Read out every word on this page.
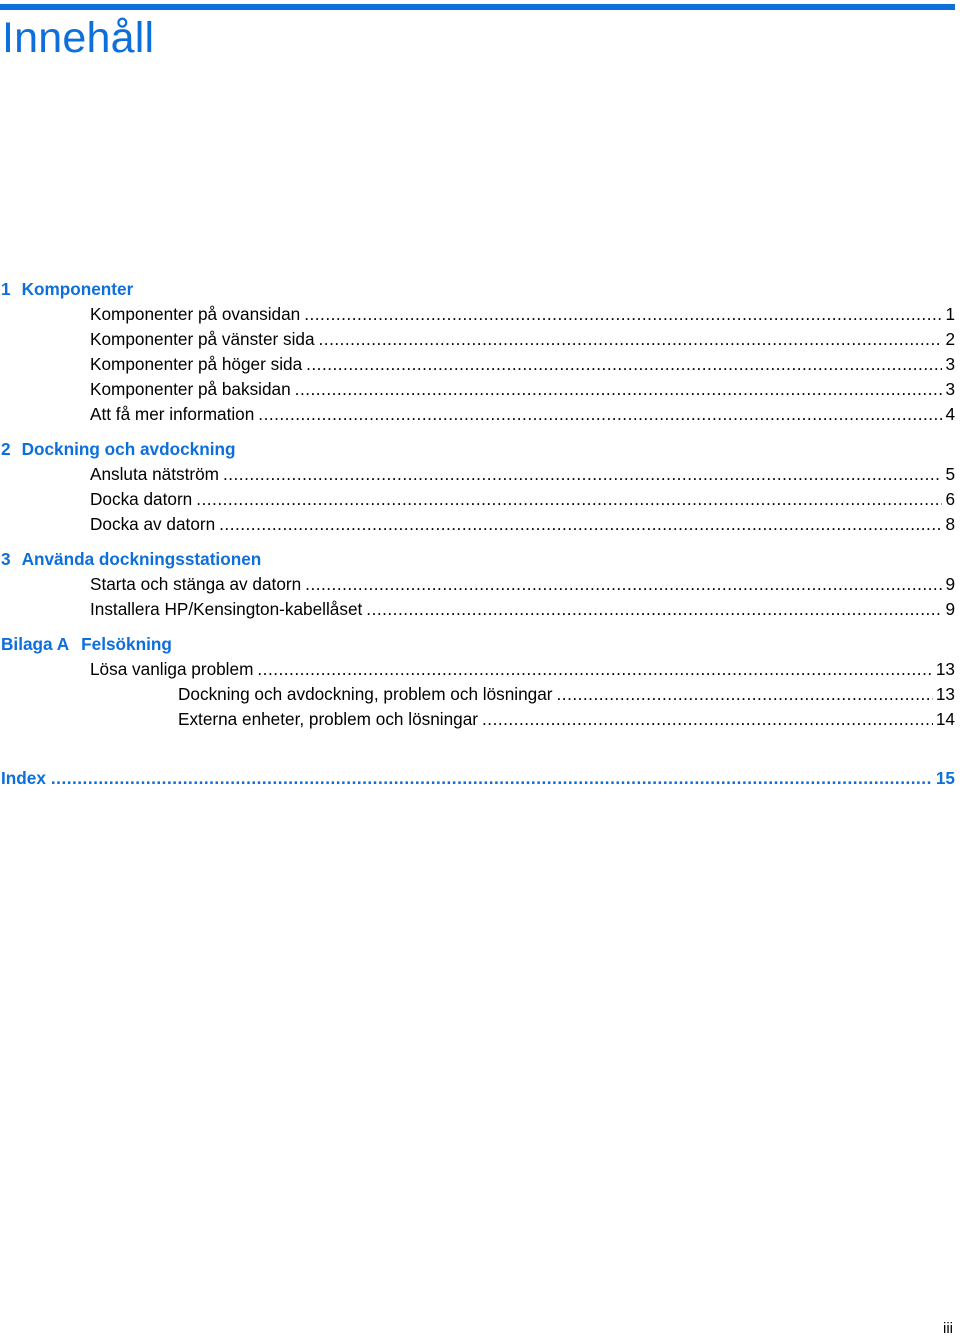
Innehåll
1 Komponenter
Komponenter på ovansidan .....	1
Komponenter på vänster sida .....	2
Komponenter på höger sida .....	3
Komponenter på baksidan .....	3
Att få mer information .....	4
2 Dockning och avdockning
Ansluta nätström .....	5
Docka datorn .....	6
Docka av datorn .....	8
3 Använda dockningsstationen
Starta och stänga av datorn .....	9
Installera HP/Kensington-kabellåset .....	9
Bilaga A Felsökning
Lösa vanliga problem .....	13
Dockning och avdockning, problem och lösningar .....	13
Externa enheter, problem och lösningar .....	14
Index .....	15
iii
